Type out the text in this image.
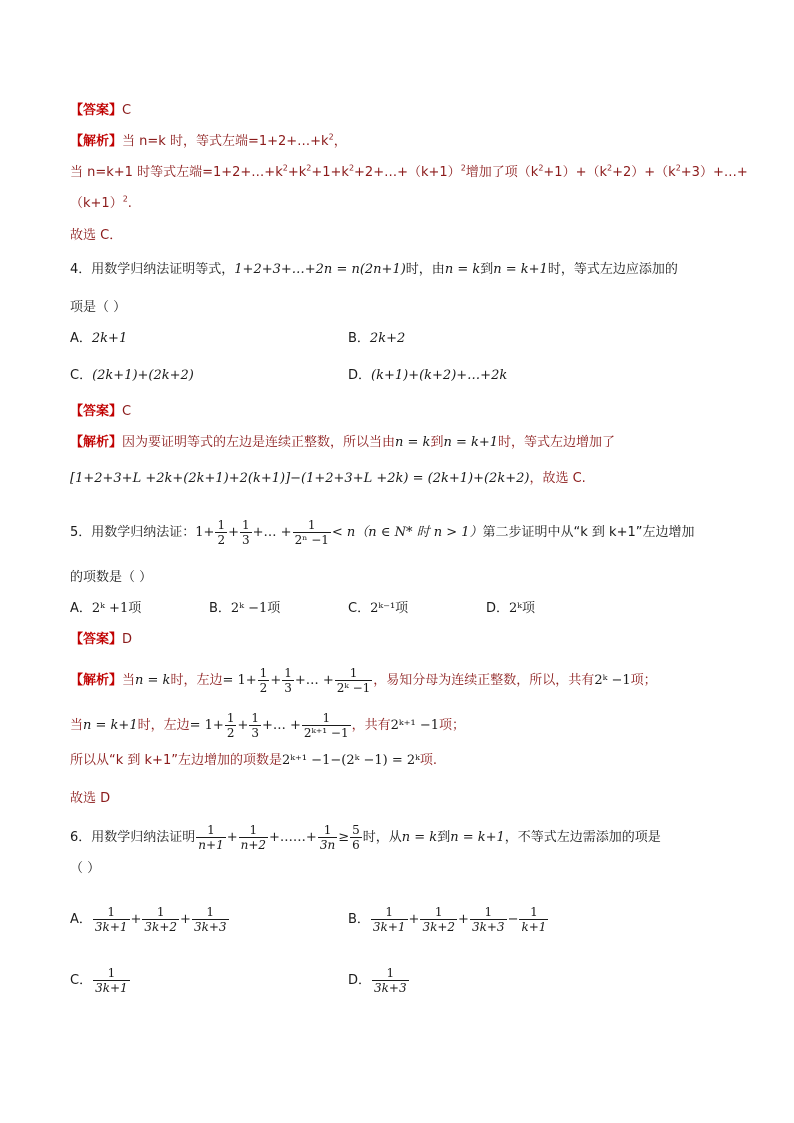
【答案】C
【解析】当 n=k 时，等式左端$=1+2+\dots+k^2$，
当 n=k+1 时等式左端$=1+2+\dots+k^2+k^2+1+k^2+2+\dots+(k+1)^2$增加了项$(k^2+1)+(k^2+2)+(k^2+3)+\dots+$
$(k+1)^2$.
故选 C．
4．用数学归纳法证明等式，1+2+3+…+2n = n(2n+1)时，由n = k到n = k+1时，等式左边应添加的
项是（ ）
A．2k+1	B．2k+2
C．(2k+1)+(2k+2)	D．(k+1)+(k+2)+…+2k
【答案】C
【解析】因为要证明等式的左边是连续正整数，所以当由n = k到n = k+1时，等式左边增加了
[1+2+3+L +2k+(2k+1)+2(k+1)]−(1+2+3+L +2k) = (2k+1)+(2k+2)，故选 C.
5．用数学归纳法证：$1+ \frac{1}{2} + \frac{1}{3}$ +… + $\frac{1}{\text{2ⁿ −1}} < n(n$ ∈ N* 时 n > 1）第二步证明中从“k 到 k+1”左边增加
的项数是（ ）
A．2ᵏ +1项	B．2ᵏ −1项	C．2ᵏ⁻¹项	D．2ᵏ项
【答案】D
【解析】当n = k时，左边= $1+ \frac{1}{2} + \frac{1}{3}$ +… + $\frac{1}{\text{2ᵏ −1}}$ ，易知分母为连续正整数，所以，共有2ᵏ −1项；
当n = k+1时，左边= $1+ \frac{1}{2} + \frac{1}{3}$ +… + $\frac{1}{\text{2ᵏ⁺¹ −1}}$ ，共有2ᵏ⁺¹ −1项；
所以从“k 到 k+1”左边增加的项数是2ᵏ⁺¹ −1−(2ᵏ −1) = 2ᵏ项.
故选 D
6．用数学归纳法证明 $\frac{1}{n+1} + \frac{1}{n+2}$ +……+ $\frac{1}{3n} \ge \frac{5}{6}$ 时，从n = k到n = k+1，不等式左边需添加的项是
（ ）
A． $\frac{1}{3k+1} + \frac{1}{3k+2} + \frac{1}{3k+3}$	B． $\frac{1}{3k+1} + \frac{1}{3k+2} + \frac{1}{3k+3} - \frac{1}{k+1}$
C． $\frac{1}{3k+1}$	D． $\frac{1}{3k+3}$
